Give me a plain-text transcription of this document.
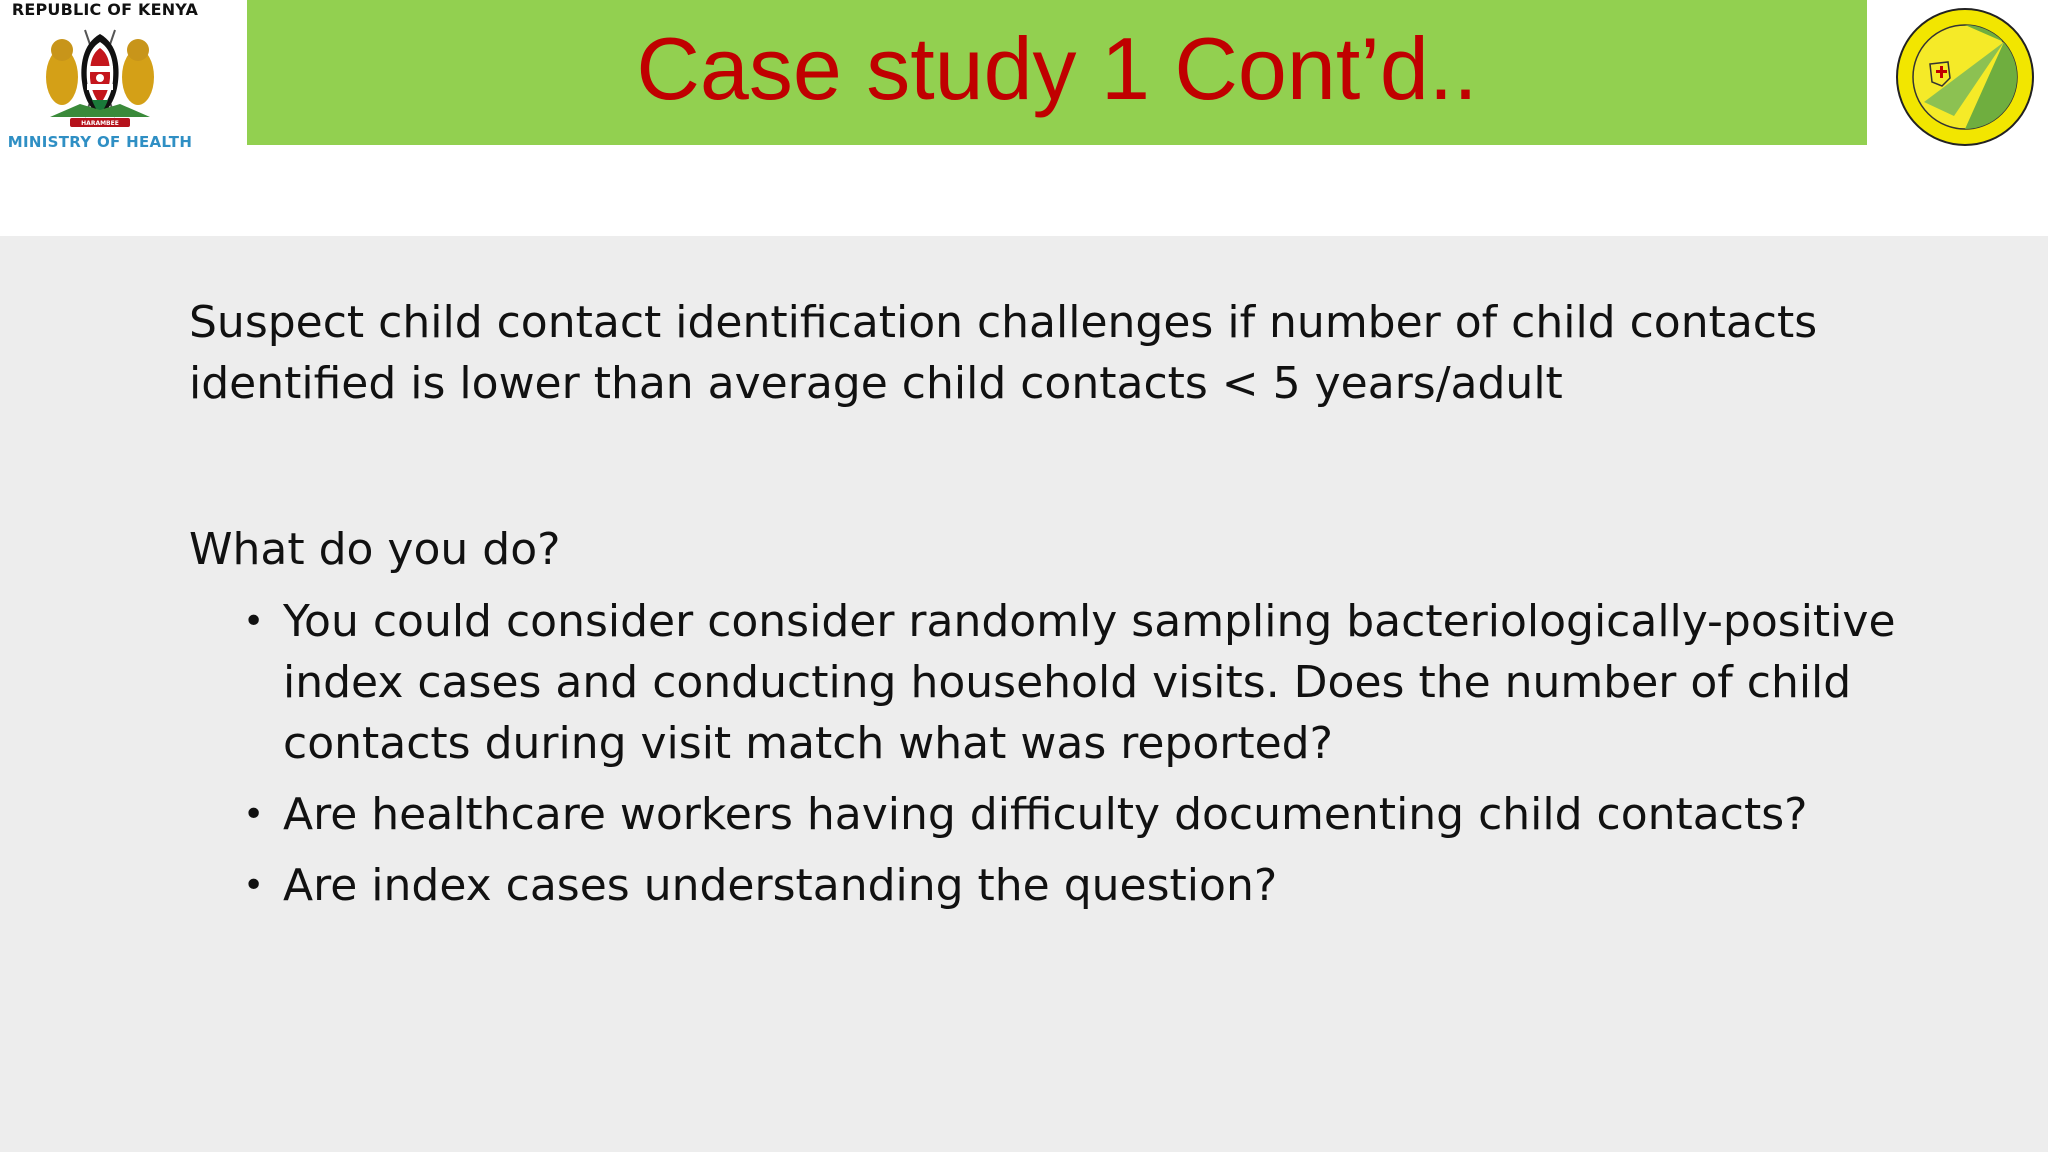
REPUBLIC OF KENYA
HARAMBEE
MINISTRY OF HEALTH
Case study 1 Cont’d..
Suspect child contact identification challenges if number of child contacts identified is lower than average child contacts < 5 years/adult
What do you do?
• You could consider consider randomly sampling bacteriologically-positive index cases and conducting household visits. Does the number of child contacts during visit match what was reported?
• Are healthcare workers having difficulty documenting child contacts?
• Are index cases understanding the question?
